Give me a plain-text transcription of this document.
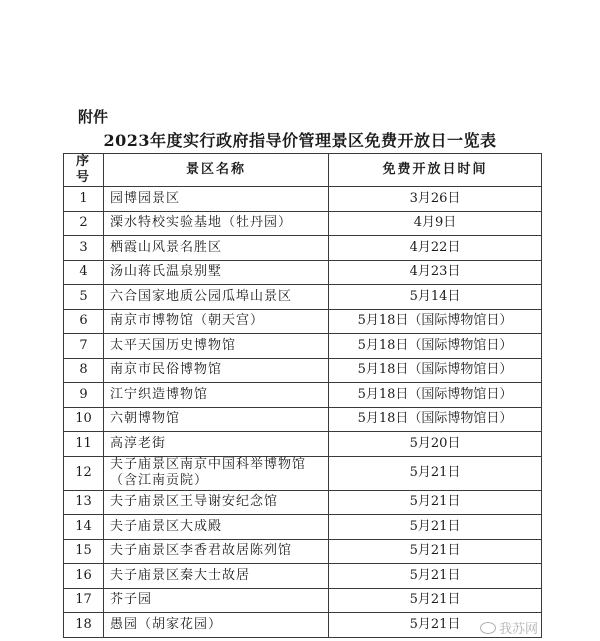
附件
2023年度实行政府指导价管理景区免费开放日一览表
序号	景区名称	免费开放日时间
1	园博园景区	3月26日
2	溧水特校实验基地（牡丹园）	4月9日
3	栖霞山风景名胜区	4月22日
4	汤山蒋氏温泉别墅	4月23日
5	六合国家地质公园瓜埠山景区	5月14日
6	南京市博物馆（朝天宫）	5月18日（国际博物馆日）
7	太平天国历史博物馆	5月18日（国际博物馆日）
8	南京市民俗博物馆	5月18日（国际博物馆日）
9	江宁织造博物馆	5月18日（国际博物馆日）
10	六朝博物馆	5月18日（国际博物馆日）
11	高淳老街	5月20日
12	夫子庙景区南京中国科举博物馆（含江南贡院）	5月21日
13	夫子庙景区王导谢安纪念馆	5月21日
14	夫子庙景区大成殿	5月21日
15	夫子庙景区李香君故居陈列馆	5月21日
16	夫子庙景区秦大士故居	5月21日
17	芥子园	5月21日
18	愚园（胡家花园）	5月21日	我苏网
